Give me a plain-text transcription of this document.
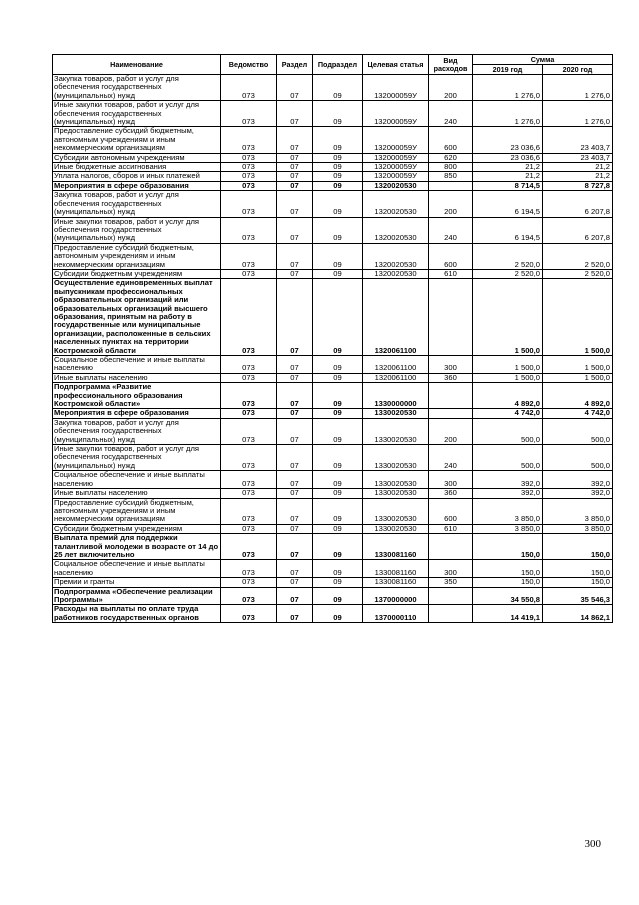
Наименование	Ведомство	Раздел	Подраздел	Целевая статья	Вид расходов	Сумма	
						2019 год	2020 год
Закупка товаров, работ и услуг для обеспечения государственных (муниципальных) нужд	073	07	09	132000059У	200	1 276,0	1 276,0
Иные закупки товаров, работ и услуг для обеспечения государственных (муниципальных) нужд	073	07	09	132000059У	240	1 276,0	1 276,0
Предоставление субсидий бюджетным, автономным учреждениям и иным некоммерческим организациям	073	07	09	132000059У	600	23 036,6	23 403,7
Субсидии автономным учреждениям	073	07	09	132000059У	620	23 036,6	23 403,7
Иные бюджетные ассигнования	073	07	09	132000059У	800	21,2	21,2
Уплата налогов, сборов и иных платежей	073	07	09	132000059У	850	21,2	21,2
Мероприятия в сфере образования	073	07	09	1320020530		8 714,5	8 727,8
Закупка товаров, работ и услуг для обеспечения государственных (муниципальных) нужд	073	07	09	1320020530	200	6 194,5	6 207,8
Иные закупки товаров, работ и услуг для обеспечения государственных (муниципальных) нужд	073	07	09	1320020530	240	6 194,5	6 207,8
Предоставление субсидий бюджетным, автономным учреждениям и иным некоммерческим организациям	073	07	09	1320020530	600	2 520,0	2 520,0
Субсидии бюджетным учреждениям	073	07	09	1320020530	610	2 520,0	2 520,0
Осуществление единовременных выплат выпускникам профессиональных образовательных организаций или образовательных организаций высшего образования, принятым на работу в государственные или муниципальные организации, расположенные в сельских населенных пунктах на территории Костромской области	073	07	09	1320061100		1 500,0	1 500,0
Социальное обеспечение и иные выплаты населению	073	07	09	1320061100	300	1 500,0	1 500,0
Иные выплаты населению	073	07	09	1320061100	360	1 500,0	1 500,0
Подпрограмма «Развитие профессионального образования Костромской области»	073	07	09	1330000000		4 892,0	4 892,0
Мероприятия в сфере образования	073	07	09	1330020530		4 742,0	4 742,0
Закупка товаров, работ и услуг для обеспечения государственных (муниципальных) нужд	073	07	09	1330020530	200	500,0	500,0
Иные закупки товаров, работ и услуг для обеспечения государственных (муниципальных) нужд	073	07	09	1330020530	240	500,0	500,0
Социальное обеспечение и иные выплаты населению	073	07	09	1330020530	300	392,0	392,0
Иные выплаты населению	073	07	09	1330020530	360	392,0	392,0
Предоставление субсидий бюджетным, автономным учреждениям и иным некоммерческим организациям	073	07	09	1330020530	600	3 850,0	3 850,0
Субсидии бюджетным учреждениям	073	07	09	1330020530	610	3 850,0	3 850,0
Выплата премий для поддержки талантливой молодежи в возрасте от 14 до 25 лет включительно	073	07	09	1330081160		150,0	150,0
Социальное обеспечение и иные выплаты населению	073	07	09	1330081160	300	150,0	150,0
Премии и гранты	073	07	09	1330081160	350	150,0	150,0
Подпрограмма «Обеспечение реализации Программы»	073	07	09	1370000000		34 550,8	35 546,3
Расходы на выплаты по оплате труда работников государственных органов	073	07	09	1370000110		14 419,1	14 862,1
300
